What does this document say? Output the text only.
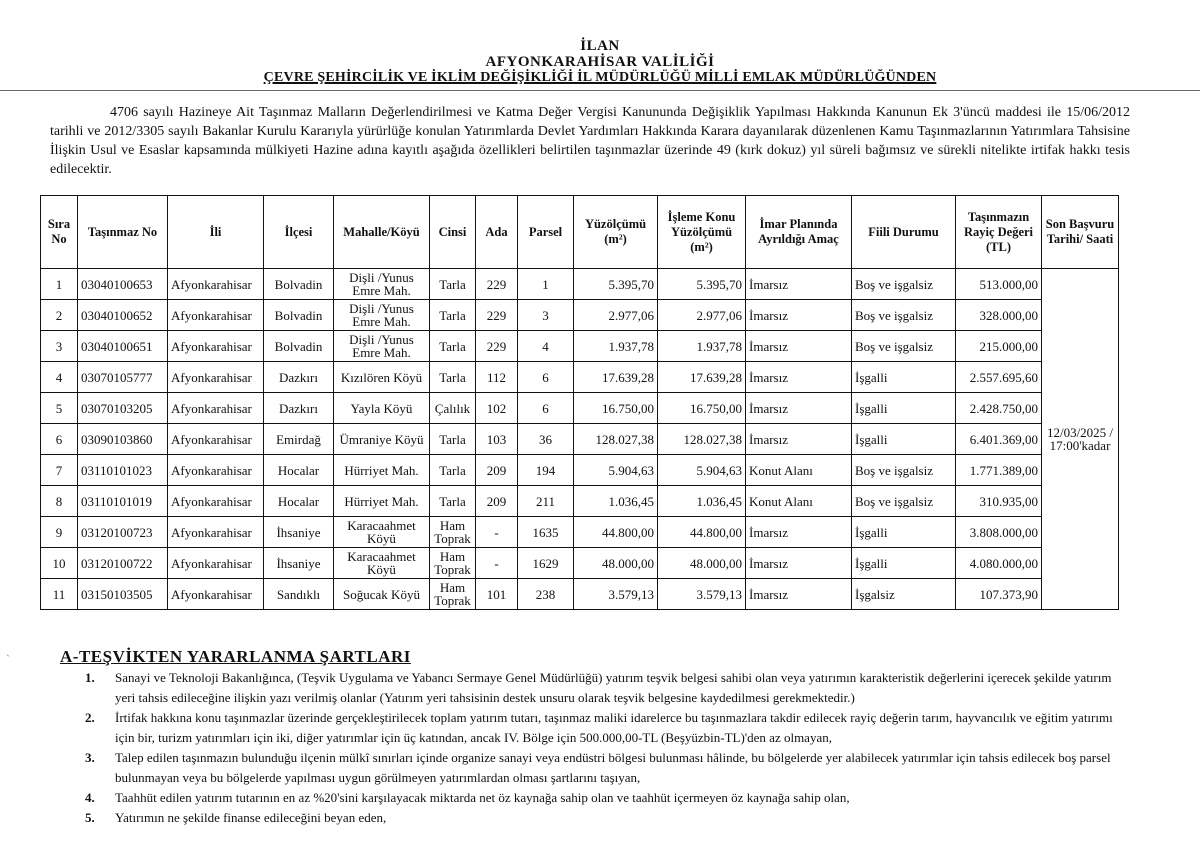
İLAN
AFYONKARAHİSAR VALİLİĞİ
ÇEVRE ŞEHİRCİLİK VE İKLİM DEĞİŞİKLİĞİ İL MÜDÜRLÜĞÜ MİLLİ EMLAK MÜDÜRLÜĞÜNDEN
4706 sayılı Hazineye Ait Taşınmaz Malların Değerlendirilmesi ve Katma Değer Vergisi Kanununda Değişiklik Yapılması Hakkında Kanunun Ek 3'üncü maddesi ile 15/06/2012 tarihli ve 2012/3305 sayılı Bakanlar Kurulu Kararıyla yürürlüğe konulan Yatırımlarda Devlet Yardımları Hakkında Karara dayanılarak düzenlenen Kamu Taşınmazlarının Yatırımlara Tahsisine İlişkin Usul ve Esaslar kapsamında mülkiyeti Hazine adına kayıtlı aşağıda özellikleri belirtilen taşınmazlar üzerinde 49 (kırk dokuz) yıl süreli bağımsız ve sürekli nitelikte irtifak hakkı tesis edilecektir.
Sıra No	Taşınmaz No	İli	İlçesi	Mahalle/Köyü	Cinsi	Ada	Parsel	Yüzölçümü (m²)	İşleme Konu Yüzölçümü (m²)	İmar Planında Ayrıldığı Amaç	Fiili Durumu	Taşınmazın Rayiç Değeri (TL)	Son Başvuru Tarihi/ Saati
1	03040100653	Afyonkarahisar	Bolvadin	Dişli /Yunus Emre Mah.	Tarla	229	1	5.395,70	5.395,70	İmarsız	Boş ve işgalsiz	513.000,00	12/03/2025 / 17:00'kadar
2	03040100652	Afyonkarahisar	Bolvadin	Dişli /Yunus Emre Mah.	Tarla	229	3	2.977,06	2.977,06	İmarsız	Boş ve işgalsiz	328.000,00	
3	03040100651	Afyonkarahisar	Bolvadin	Dişli /Yunus Emre Mah.	Tarla	229	4	1.937,78	1.937,78	İmarsız	Boş ve işgalsiz	215.000,00	
4	03070105777	Afyonkarahisar	Dazkırı	Kızılören Köyü	Tarla	112	6	17.639,28	17.639,28	İmarsız	İşgalli	2.557.695,60	
5	03070103205	Afyonkarahisar	Dazkırı	Yayla Köyü	Çalılık	102	6	16.750,00	16.750,00	İmarsız	İşgalli	2.428.750,00	
6	03090103860	Afyonkarahisar	Emirdağ	Ümraniye Köyü	Tarla	103	36	128.027,38	128.027,38	İmarsız	İşgalli	6.401.369,00	
7	03110101023	Afyonkarahisar	Hocalar	Hürriyet Mah.	Tarla	209	194	5.904,63	5.904,63	Konut Alanı	Boş ve işgalsiz	1.771.389,00	
8	03110101019	Afyonkarahisar	Hocalar	Hürriyet Mah.	Tarla	209	211	1.036,45	1.036,45	Konut Alanı	Boş ve işgalsiz	310.935,00	
9	03120100723	Afyonkarahisar	İhsaniye	Karacaahmet Köyü	Ham Toprak	-	1635	44.800,00	44.800,00	İmarsız	İşgalli	3.808.000,00	
10	03120100722	Afyonkarahisar	İhsaniye	Karacaahmet Köyü	Ham Toprak	-	1629	48.000,00	48.000,00	İmarsız	İşgalli	4.080.000,00	
11	03150103505	Afyonkarahisar	Sandıklı	Soğucak Köyü	Ham Toprak	101	238	3.579,13	3.579,13	İmarsız	İşgalsiz	107.373,90	
ˋ	A-TEŞVİKTEN YARARLANMA ŞARTLARI
1.	Sanayi ve Teknoloji Bakanlığınca, (Teşvik Uygulama ve Yabancı Sermaye Genel Müdürlüğü) yatırım teşvik belgesi sahibi olan veya yatırımın karakteristik değerlerini içerecek şekilde yatırım yeri tahsis edileceğine ilişkin yazı verilmiş olanlar (Yatırım yeri tahsisinin destek unsuru olarak teşvik belgesine kaydedilmesi gerekmektedir.)
2.	İrtifak hakkına konu taşınmazlar üzerinde gerçekleştirilecek toplam yatırım tutarı, taşınmaz maliki idarelerce bu taşınmazlara takdir edilecek rayiç değerin tarım, hayvancılık ve eğitim yatırımı için bir, turizm yatırımları için iki, diğer yatırımlar için üç katından, ancak IV. Bölge için 500.000,00-TL (Beşyüzbin-TL)'den az olmayan,
3.	Talep edilen taşınmazın bulunduğu ilçenin mülkî sınırları içinde organize sanayi veya endüstri bölgesi bulunması hâlinde, bu bölgelerde yer alabilecek yatırımlar için tahsis edilecek boş parsel bulunmayan veya bu bölgelerde yapılması uygun görülmeyen yatırımlardan olması şartlarını taşıyan,
4.	Taahhüt edilen yatırım tutarının en az %20'sini karşılayacak miktarda net öz kaynağa sahip olan ve taahhüt içermeyen öz kaynağa sahip olan,
5.	Yatırımın ne şekilde finanse edileceğini beyan eden,
